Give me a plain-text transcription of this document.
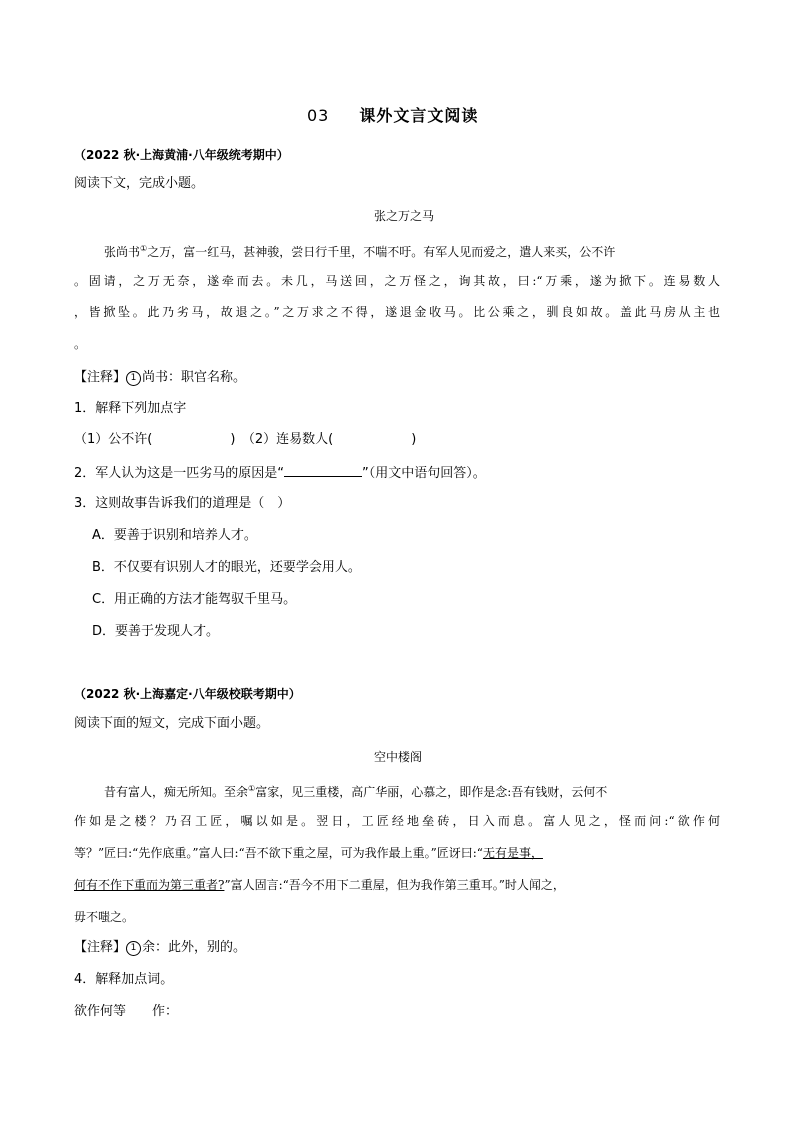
03 课外文言文阅读
（2022 秋·上海黄浦·八年级统考期中）
阅读下文，完成小题。
张之万之马
张尚书①之万，富一红马，甚神骏，尝日行千里，不喘不吁。有军人见而爱之，遣人来买，公不许
。固请，之万无奈，遂牵而去。未几，马送回，之万怪之，询其故，曰:“万乘，遂为掀下。连易数人
，皆掀坠。此乃劣马，故退之。”之万求之不得，遂退金收马。比公乘之，驯良如故。盖此马房从主也
。
【注释】 1 尚书：职官名称。
1．解释下列加点字
（1）公不许(　　　　　　)　（2）连易数人(　　　　　　)
2．军人认为这是一匹劣马的原因是“	”（用文中语句回答）。
3．这则故事告诉我们的道理是（　）
A．要善于识别和培养人才。
B．不仅要有识别人才的眼光，还要学会用人。
C．用正确的方法才能驾驭千里马。
D．要善于发现人才。
（2022 秋·上海嘉定·八年级校联考期中）
阅读下面的短文，完成下面小题。
空中楼阁
昔有富人，痴无所知。至余①富家，见三重楼，高广华丽，心慕之，即作是念:吾有钱财，云何不
作如是之楼？乃召工匠，嘱以如是。翌日，工匠经地垒砖，日入而息。富人见之，怪而问:“欲作何
等？”匠曰:“先作底重。”富人曰:“吾不欲下重之屋，可为我作最上重。”匠讶曰:“无有是事，
何有不作下重而为第三重者?”富人固言:“吾今不用下二重屋，但为我作第三重耳。”时人闻之，
毋不嗤之。
【注释】 1 余：此外，别的。
4．解释加点词。
欲作何等　　作：
